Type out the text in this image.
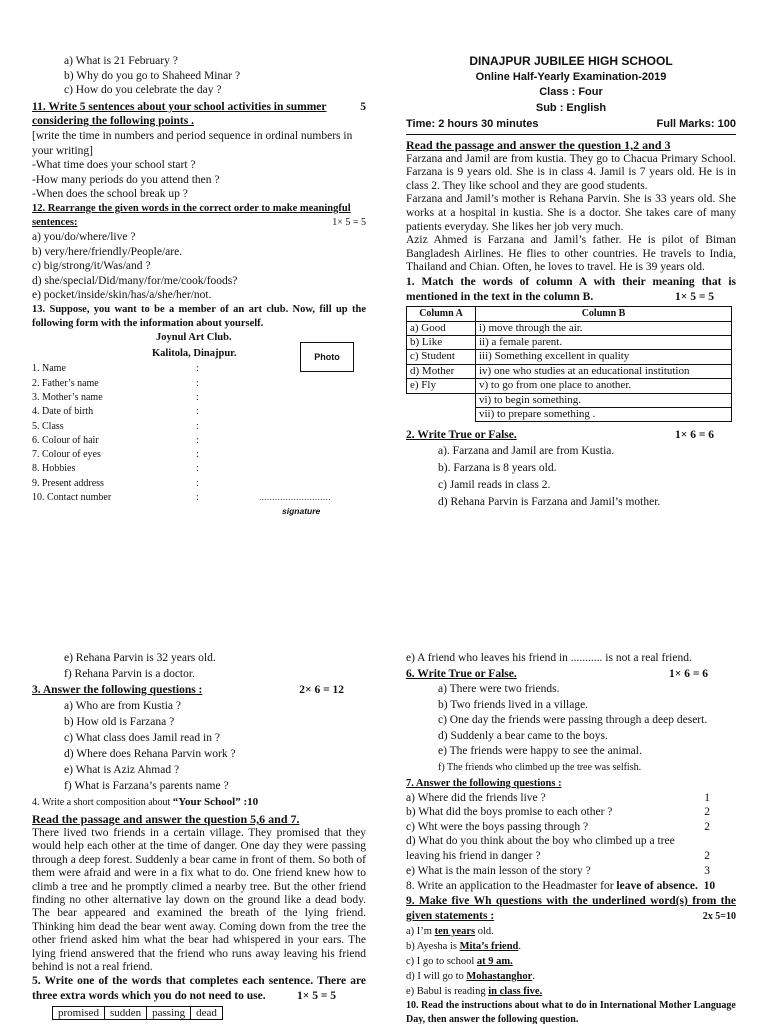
a) What is 21 February ?
b) Why do you go to Shaheed Minar ?
c) How do you celebrate the day ?
11. Write 5 sentences about your school activities in summer considering the following points .
5
[write the time in numbers and period sequence in ordinal numbers in your writing]
-What time does your school start ?
-How many periods do you attend then ?
-When does the school break up ?
12. Rearrange the given words in the correct order to make meaningful sentences:	1× 5 = 5
a) you/do/where/live ?
b) very/here/friendly/People/are.
c) big/strong/it/Was/and ?
d) she/special/Did/many/for/me/cook/foods?
e) pocket/inside/skin/has/a/she/her/not.
13. Suppose, you want to be a member of an art club. Now, fill up the following form with the information about yourself.
Joynul Art Club.
Kalitola, Dinajpur.	Photo
1. Name	:
2. Father’s name	:
3. Mother’s name	:
4. Date of birth	:
5. Class	:
6. Colour of hair	:
7. Colour of eyes	:
8. Hobbies	:
9. Present address	:
10. Contact number	:	………………………
signature
DINAJPUR JUBILEE HIGH SCHOOL
Online Half-Yearly Examination-2019
Class : Four
Sub : English
Time: 2 hours 30 minutes	Full Marks: 100
Read the passage and answer the question 1,2 and 3
Farzana and Jamil are from kustia. They go to Chacua Primary School. Farzana is 9 years old. She is in class 4. Jamil is 7 years old. He is in class 2. They like school and they are good students.
Farzana and Jamil’s mother is Rehana Parvin. She is 33 years old. She works at a hospital in kustia. She is a doctor. She takes care of many patients everyday. She likes her job very much.
Aziz Ahmed is Farzana and Jamil’s father. He is pilot of Biman Bangladesh Airlines. He flies to other countries. He travels to India, Thailand and Chian. Often, he loves to travel. He is 39 years old.
1. Match the words of column A with their meaning that is mentioned in the text in the column B.	1× 5 = 5
Column A	Column B
a) Good	i) move through the air.
b) Like	ii) a female parent.
c) Student	iii) Something excellent in quality
d) Mother	iv) one who studies at an educational institution
e) Fly	v) to go from one place to another.
	vi) to begin something.
	vii) to prepare something .
2. Write True or False.	1× 6 = 6
a). Farzana and Jamil are from Kustia.
b). Farzana is 8 years old.
c) Jamil reads in class 2.
d) Rehana Parvin is Farzana and Jamil’s mother.
e) Rehana Parvin is 32 years old.
f) Rehana Parvin is a doctor.
3. Answer the following questions :	2× 6 = 12
a) Who are from Kustia ?
b) How old is Farzana ?
c) What class does Jamil read in ?
d) Where does Rehana Parvin work ?
e) What is Aziz Ahmad ?
f) What is Farzana’s parents name ?
4. Write a short composition about “Your School” :10
Read the passage and answer the question 5,6 and 7.
There lived two friends in a certain village. They promised that they would help each other at the time of danger. One day they were passing through a deep forest. Suddenly a bear came in front of them. So both of them were afraid and were in a fix what to do. One friend knew how to climb a tree and he promptly climed a nearby tree. But the other friend finding no other alternative lay down on the ground like a dead body. The bear appeared and examined the breath of the lying friend. Thinking him dead the bear went away. Coming down from the tree the other friend asked him what the bear had whispered in your ears. The lying friend answered that the friend who runs away leaving his friend behind is not a real friend.
5. Write one of the words that completes each sentence. There are three extra words which you do not need to use.	1× 5 = 5
promised	sudden	passing	dead
e) A friend who leaves his friend in ........... is not a real friend.
6. Write True or False.	1× 6 = 6
a) There were two friends.
b) Two friends lived in a village.
c) One day the friends were passing through a deep desert.
d) Suddenly a bear came to the boys.
e) The friends were happy to see the animal.
f) The friends who climbed up the tree was selfish.
7. Answer the following questions :
a) Where did the friends live ?	1
b) What did the boys promise to each other ?	2
c) Wht were the boys passing through ?	2
d) What do you think about the boy who climbed up a tree leaving his friend in danger ?	2
e) What is the main lesson of the story ?	3
8. Write an application to the Headmaster for leave of absence. 10
9. Make five Wh questions with the underlined word(s) from the given statements :	2x 5=10
a) I’m ten years old.
b) Ayesha is Mita’s friend.
c) I go to school at 9 am.
d) I will go to Mohastanghor.
e) Babul is reading in class five.
10. Read the instructions about what to do in International Mother Language Day, then answer the following question.
